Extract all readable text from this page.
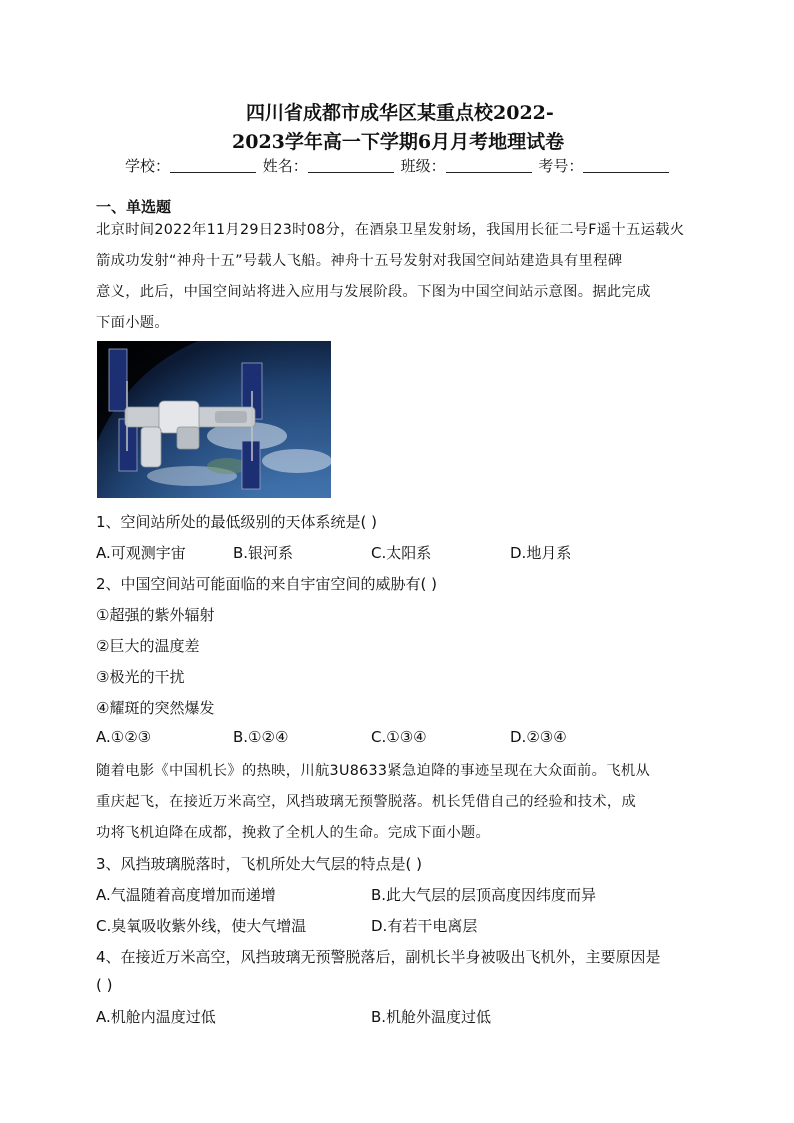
四川省成都市成华区某重点校2022-
2023学年高一下学期6月月考地理试卷
学校：	姓名：	班级：	考号：
一、单选题
北京时间2022年11月29日23时08分，在酒泉卫星发射场，我国用长征二号F遥十五运载火
箭成功发射“神舟十五”号载人飞船。神舟十五号发射对我国空间站建造具有里程碑
意义，此后，中国空间站将进入应用与发展阶段。下图为中国空间站示意图。据此完成
下面小题。
1、空间站所处的最低级别的天体系统是( )
A.可观测宇宙	B.银河系	C.太阳系	D.地月系
2、中国空间站可能面临的来自宇宙空间的威胁有( )
①超强的紫外辐射
②巨大的温度差
③极光的干扰
④耀斑的突然爆发
A.①②③	B.①②④	C.①③④	D.②③④
随着电影《中国机长》的热映，川航3U8633紧急迫降的事迹呈现在大众面前。飞机从
重庆起飞，在接近万米高空，风挡玻璃无预警脱落。机长凭借自己的经验和技术，成
功将飞机迫降在成都，挽救了全机人的生命。完成下面小题。
3、风挡玻璃脱落时，飞机所处大气层的特点是( )
A.气温随着高度增加而递增	B.此大气层的层顶高度因纬度而异
C.臭氧吸收紫外线，使大气增温	D.有若干电离层
4、在接近万米高空，风挡玻璃无预警脱落后，副机长半身被吸出飞机外，主要原因是
( )
A.机舱内温度过低	B.机舱外温度过低
